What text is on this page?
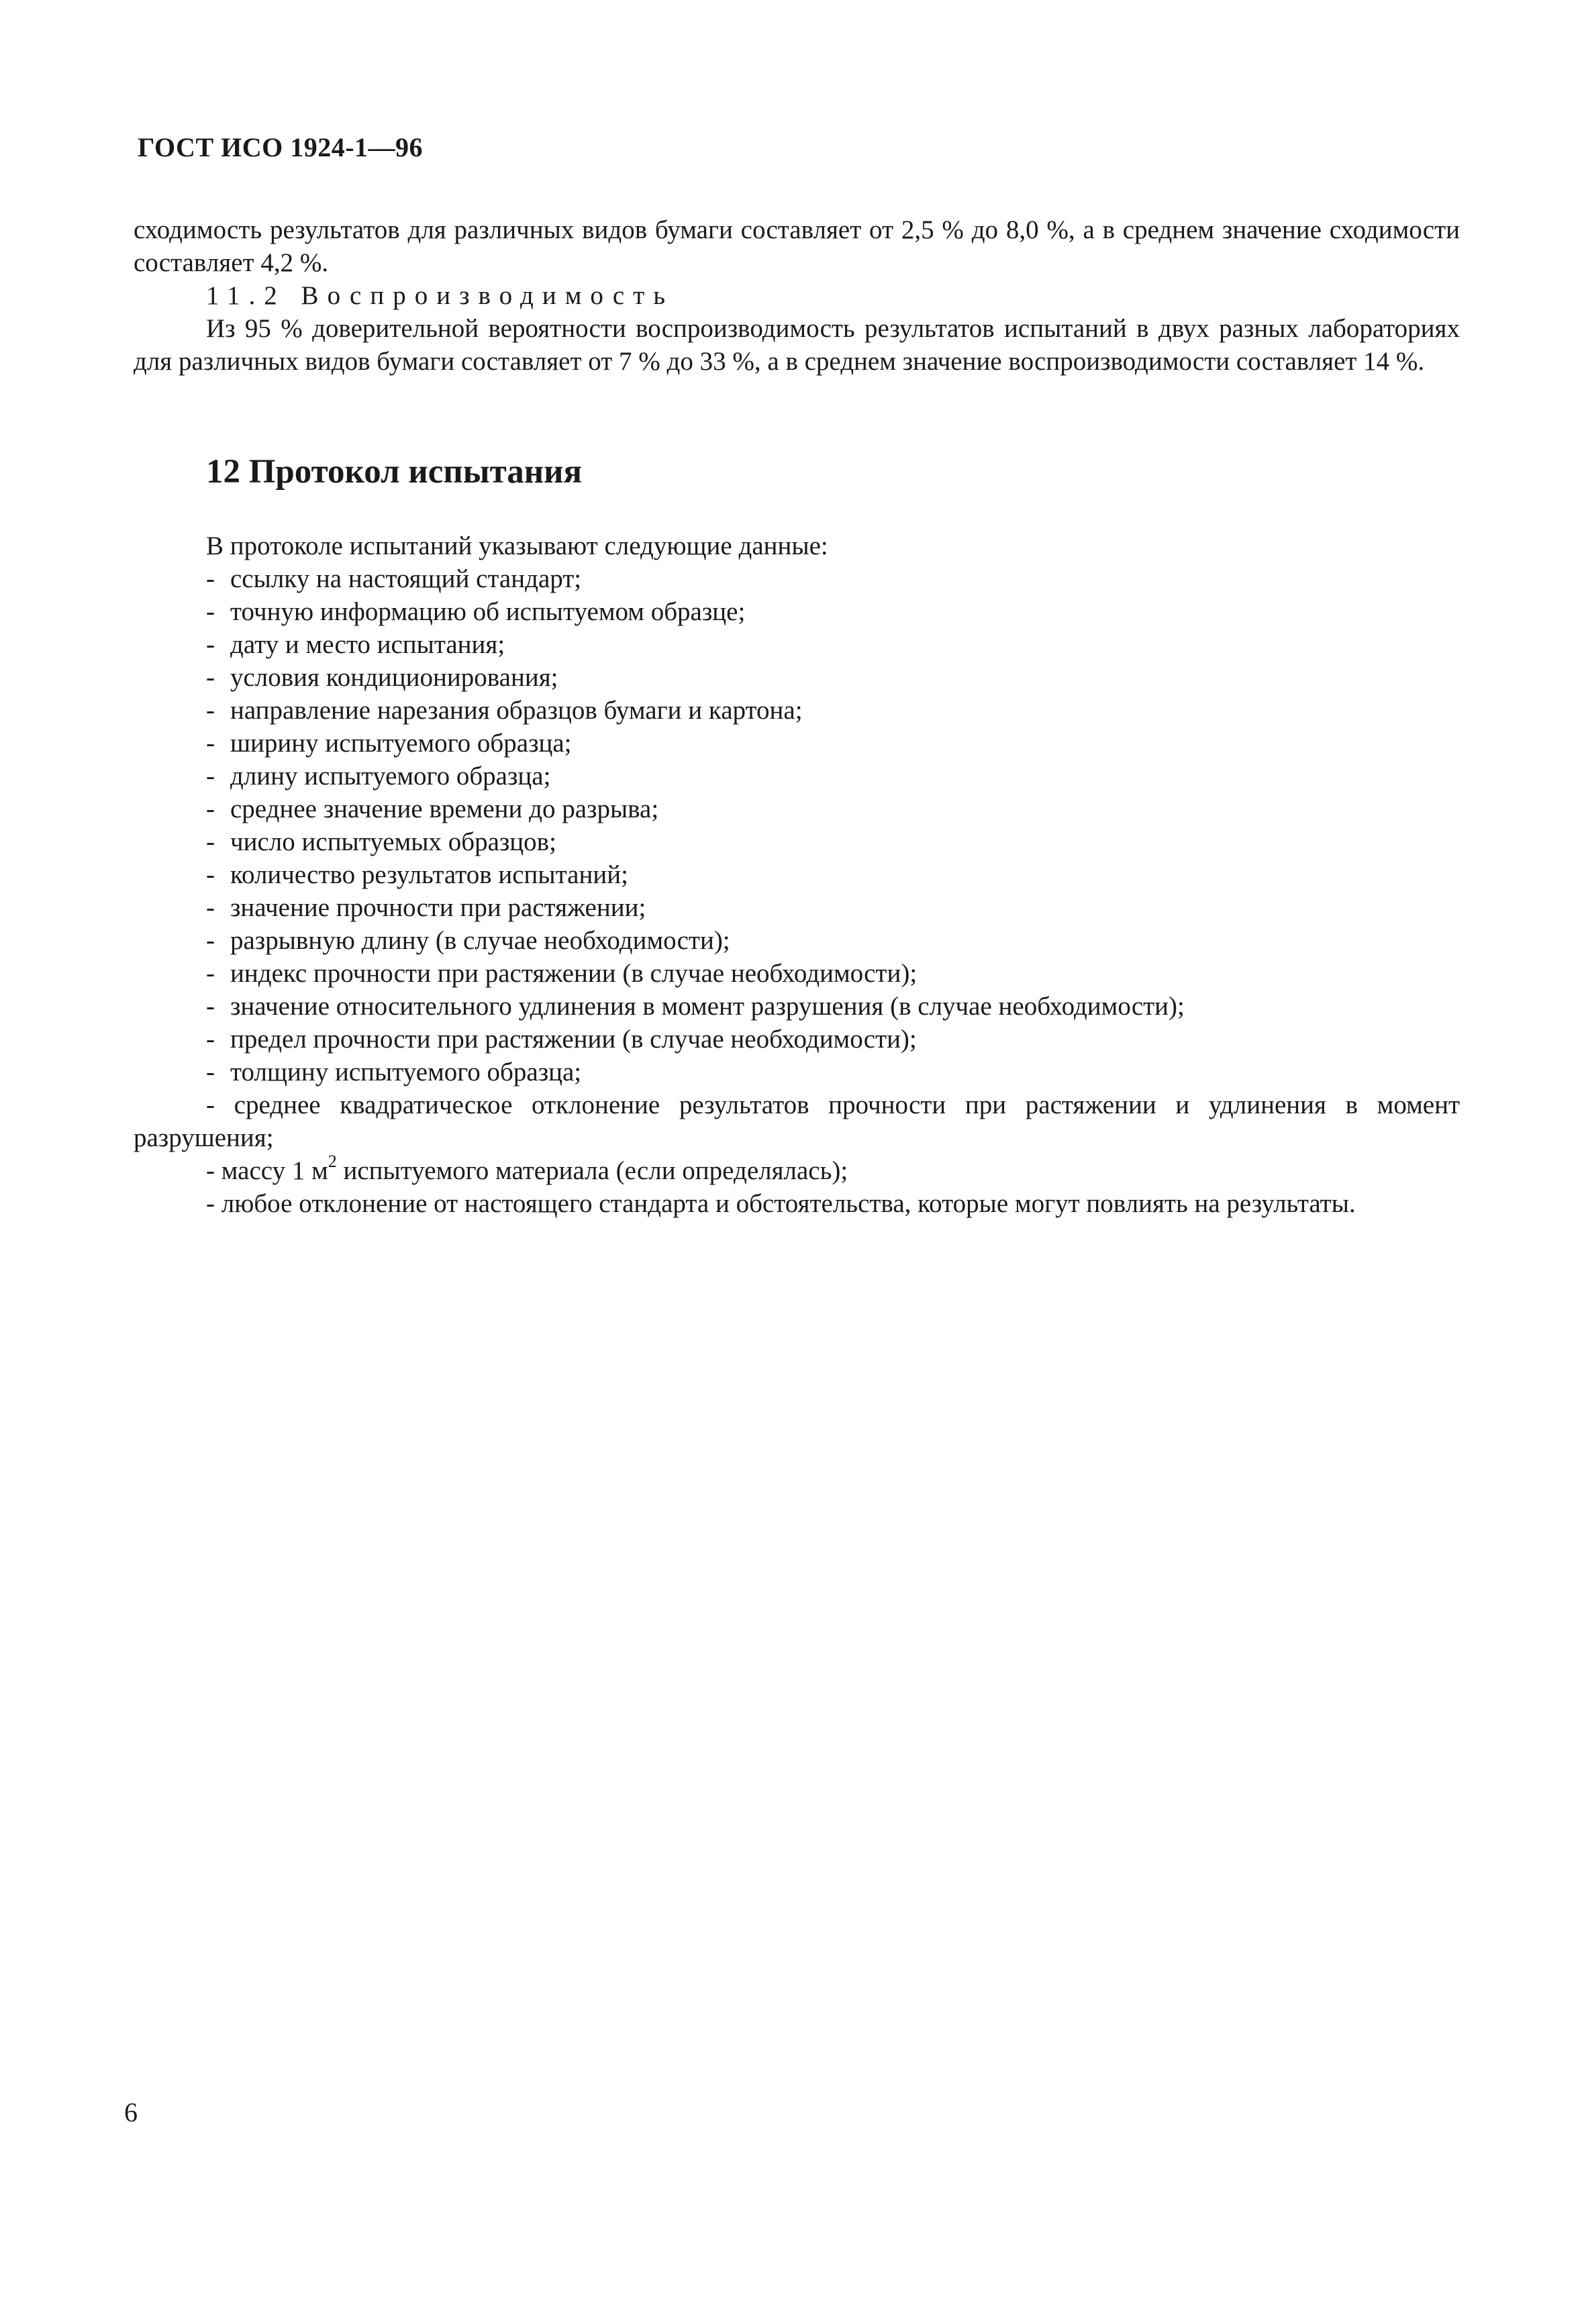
ГОСТ ИСО 1924-1—96

сходимость результатов для различных видов бумаги составляет от 2,5 % до 8,0 %, а в среднем значение сходимости составляет 4,2 %.

11.2 Воспроизводимость

Из 95 % доверительной вероятности воспроизводимость результатов испытаний в двух разных лабораториях для различных видов бумаги составляет от 7 % до 33 %, а в среднем значение воспроизводимости составляет 14 %.

12 Протокол испытания

В протоколе испытаний указывают следующие данные:

- ссылку на настоящий стандарт;
- точную информацию об испытуемом образце;
- дату и место испытания;
- условия кондиционирования;
- направление нарезания образцов бумаги и картона;
- ширину испытуемого образца;
- длину испытуемого образца;
- среднее значение времени до разрыва;
- число испытуемых образцов;
- количество результатов испытаний;
- значение прочности при растяжении;
- разрывную длину (в случае необходимости);
- индекс прочности при растяжении (в случае необходимости);
- значение относительного удлинения в момент разрушения (в случае необходимости);
- предел прочности при растяжении (в случае необходимости);
- толщину испытуемого образца;
- среднее квадратическое отклонение результатов прочности при растяжении и удлинения в момент разрушения;
- массу 1 $м^2$ испытуемого материала (если определялась);
- любое отклонение от настоящего стандарта и обстоятельства, которые могут повлиять на результаты.
6
